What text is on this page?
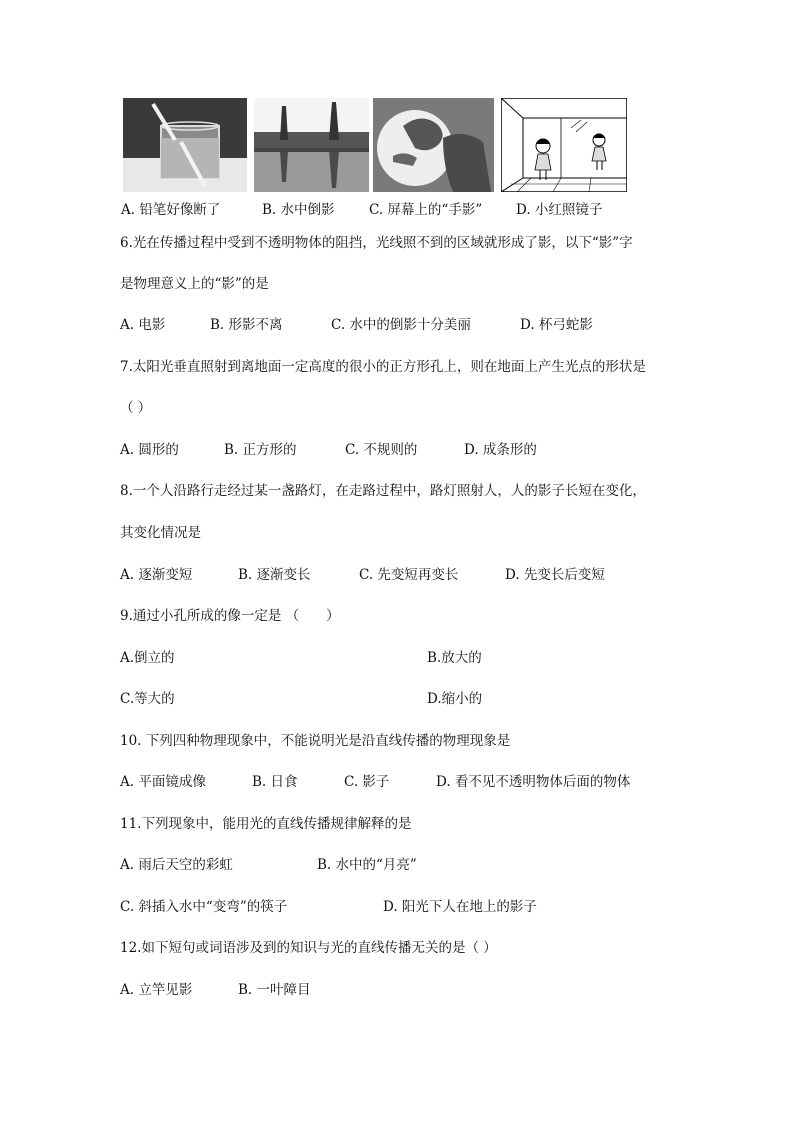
A. 铅笔好像断了	B. 水中倒影	C. 屏幕上的“手影”	D. 小红照镜子
6.光在传播过程中受到不透明物体的阻挡，光线照不到的区域就形成了影，以下“影”字
是物理意义上的“影”的是
A. 电影	B. 形影不离	C. 水中的倒影十分美丽	D. 杯弓蛇影
7.太阳光垂直照射到离地面一定高度的很小的正方形孔上，则在地面上产生光点的形状是
（ ）
A. 圆形的	B. 正方形的	C. 不规则的	D. 成条形的
8.一个人沿路行走经过某一盏路灯，在走路过程中，路灯照射人，人的影子长短在变化，
其变化情况是
A. 逐渐变短	B. 逐渐变长	C. 先变短再变长	D. 先变长后变短
9.通过小孔所成的像一定是 （　　）
A.倒立的	B.放大的
C.等大的	D.缩小的
10. 下列四种物理现象中，不能说明光是沿直线传播的物理现象是
A. 平面镜成像	B. 日食	C. 影子	D. 看不见不透明物体后面的物体
11.下列现象中，能用光的直线传播规律解释的是
A. 雨后天空的彩虹	B. 水中的“月亮”
C. 斜插入水中“变弯”的筷子	D. 阳光下人在地上的影子
12.如下短句或词语涉及到的知识与光的直线传播无关的是（ ）
A. 立竿见影	B. 一叶障目
